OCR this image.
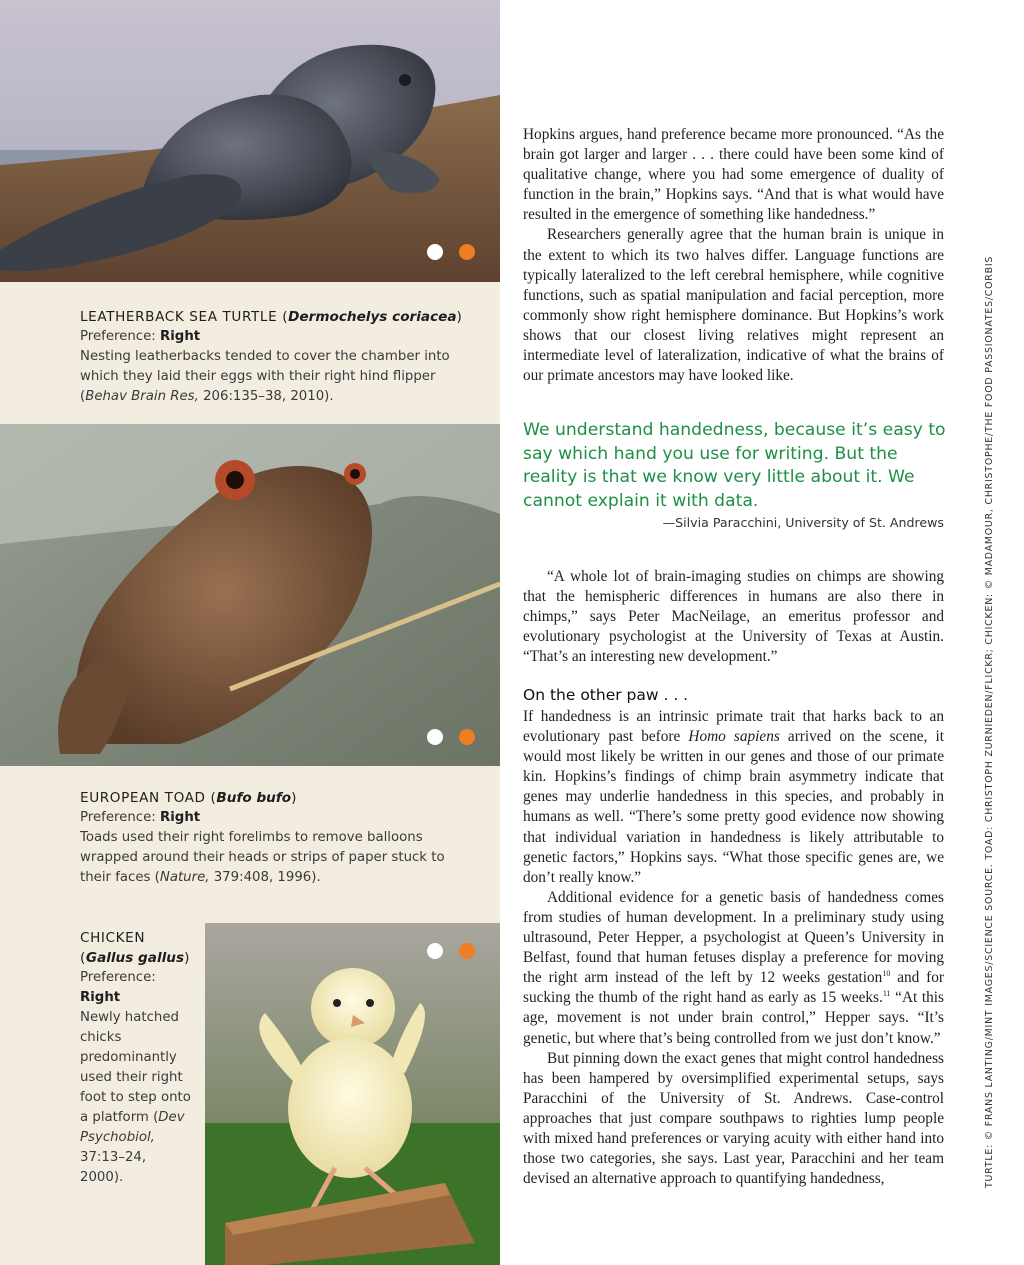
LEATHERBACK SEA TURTLE (Dermochelys coriacea)
Preference: Right
Nesting leatherbacks tended to cover the chamber into which they laid their eggs with their right hind flipper (Behav Brain Res, 206:135–38, 2010).
EUROPEAN TOAD (Bufo bufo)
Preference: Right
Toads used their right forelimbs to remove balloons wrapped around their heads or strips of paper stuck to their faces (Nature, 379:408, 1996).
CHICKEN
(Gallus gallus)
Preference:
Right
Newly hatched chicks predominantly used their right foot to step onto a platform (Dev Psychobiol, 37:13–24, 2000).

Hopkins argues, hand preference became more pronounced. “As the brain got larger and larger . . . there could have been some kind of qualitative change, where you had some emergence of duality of function in the brain,” Hopkins says. “And that is what would have resulted in the emergence of something like handedness.”

Researchers generally agree that the human brain is unique in the extent to which its two halves differ. Language functions are typically lateralized to the left cerebral hemisphere, while cognitive functions, such as spatial manipulation and facial perception, more commonly show right hemisphere dominance. But Hopkins’s work shows that our closest living relatives might represent an intermediate level of lateralization, indicative of what the brains of our primate ancestors may have looked like.

We understand handedness, because it’s easy to say which hand you use for writing. But the reality is that we know very little about it. We cannot explain it with data.
—Silvia Paracchini, University of St. Andrews

“A whole lot of brain-imaging studies on chimps are showing that the hemispheric differences in humans are also there in chimps,” says Peter MacNeilage, an emeritus professor and evolutionary psychologist at the University of Texas at Austin. “That’s an interesting new development.”

On the other paw . . .

If handedness is an intrinsic primate trait that harks back to an evolutionary past before Homo sapiens arrived on the scene, it would most likely be written in our genes and those of our primate kin. Hopkins’s findings of chimp brain asymmetry indicate that genes may underlie handedness in this species, and probably in humans as well. “There’s some pretty good evidence now showing that individual variation in handedness is likely attributable to genetic factors,” Hopkins says. “What those specific genes are, we don’t really know.”

Additional evidence for a genetic basis of handedness comes from studies of human development. In a preliminary study using ultrasound, Peter Hepper, a psychologist at Queen’s University in Belfast, found that human fetuses display a preference for moving the right arm instead of the left by 12 weeks gestation$^{10}$ and for sucking the thumb of the right hand as early as 15 weeks.$^{11}$ “At this age, movement is not under brain control,” Hepper says. “It’s genetic, but where that’s being controlled from we just don’t know.”

But pinning down the exact genes that might control handedness has been hampered by oversimplified experimental setups, says Paracchini of the University of St. Andrews. Case-control approaches that just compare southpaws to righties lump people with mixed hand preferences or varying acuity with either hand into those two categories, she says. Last year, Paracchini and her team devised an alternative approach to quantifying handedness,	TURTLE: © FRANS LANTING/MINT IMAGES/SCIENCE SOURCE. TOAD: CHRISTOPH ZURNIEDEN/FLICKR; CHICKEN: © MADAMOUR, CHRISTOPHE/THE FOOD PASSIONATES/CORBIS
